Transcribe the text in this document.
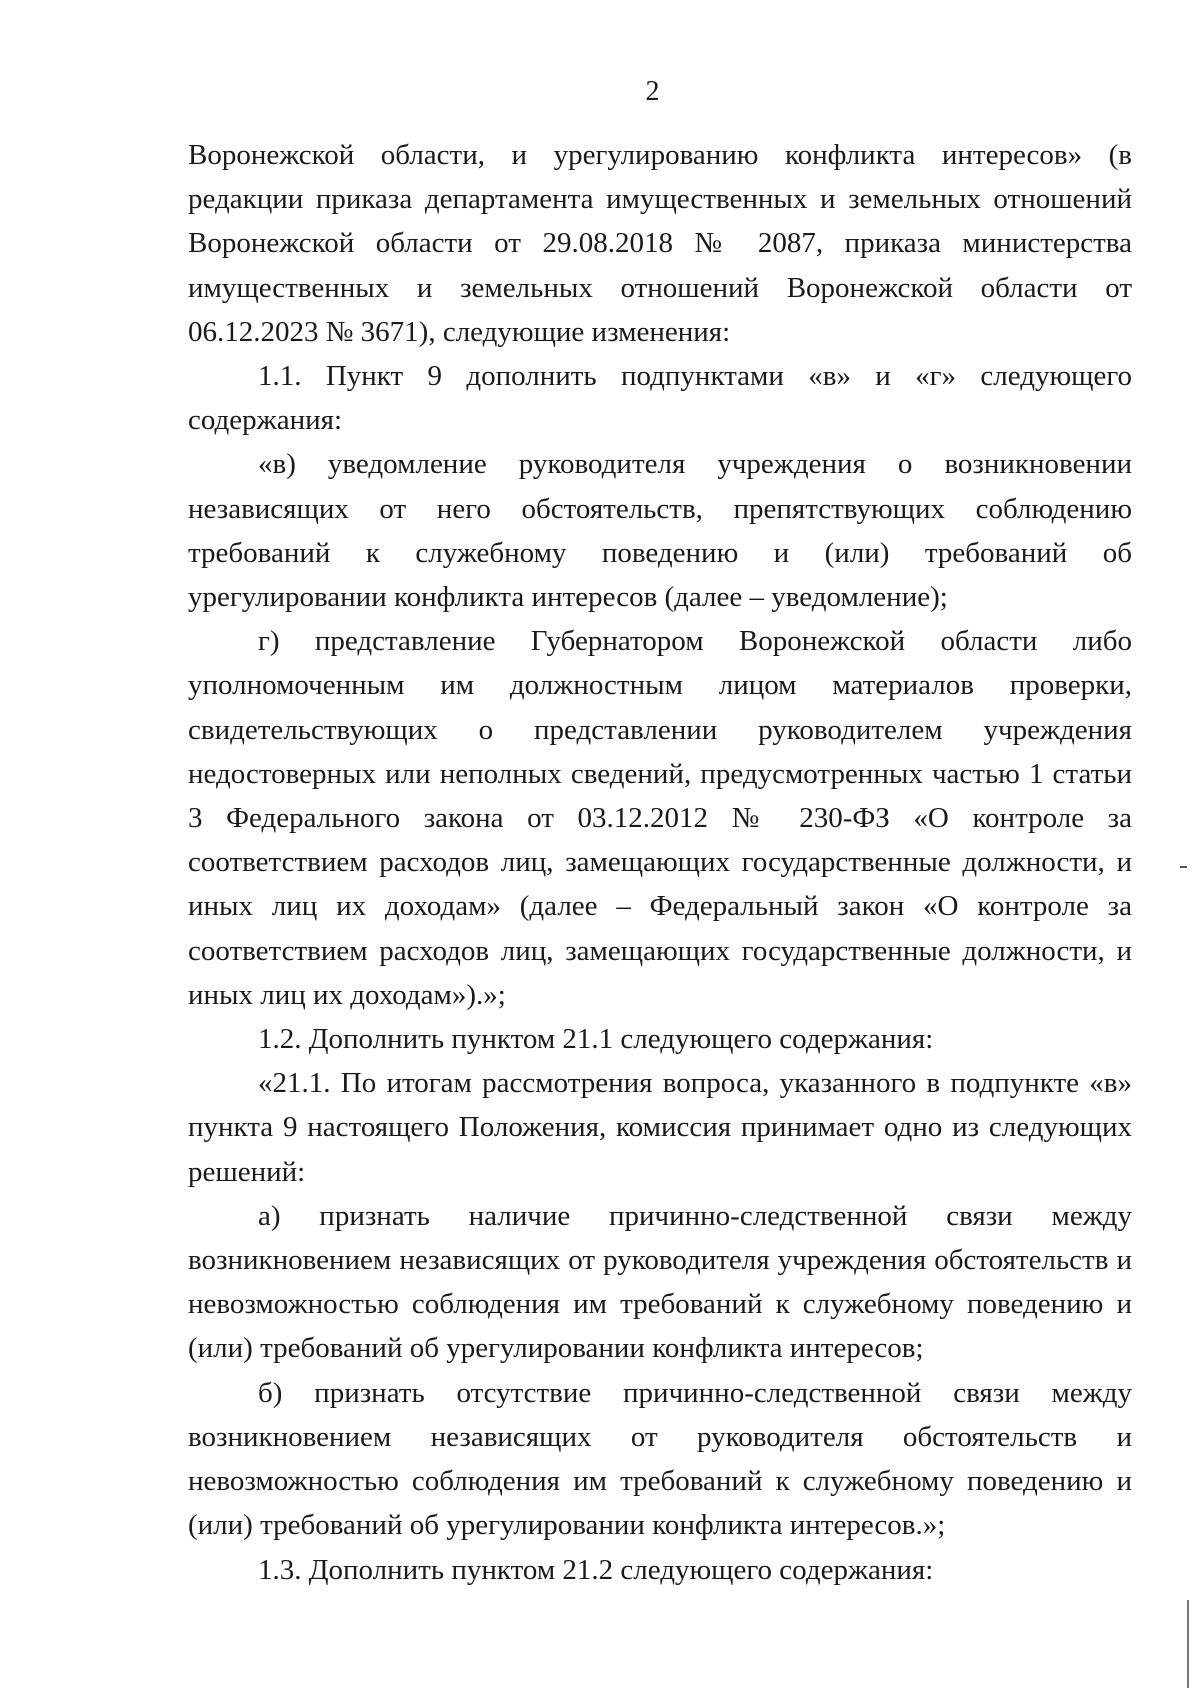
2

Воронежской области, и урегулированию конфликта интересов» (в редакции приказа департамента имущественных и земельных отношений Воронежской области от 29.08.2018 № 2087, приказа министерства имущественных и земельных отношений Воронежской области от 06.12.2023 № 3671), следующие изменения:

1.1. Пункт 9 дополнить подпунктами «в» и «г» следующего содержания:

«в) уведомление руководителя учреждения о возникновении независящих от него обстоятельств, препятствующих соблюдению требований к служебному поведению и (или) требований об урегулировании конфликта интересов (далее – уведомление);

г) представление Губернатором Воронежской области либо уполномоченным им должностным лицом материалов проверки, свидетельствующих о представлении руководителем учреждения недостоверных или неполных сведений, предусмотренных частью 1 статьи 3 Федерального закона от 03.12.2012 № 230-ФЗ «О контроле за соответствием расходов лиц, замещающих государственные должности, и иных лиц их доходам» (далее – Федеральный закон «О контроле за соответствием расходов лиц, замещающих государственные должности, и иных лиц их доходам»).»;

1.2. Дополнить пунктом 21.1 следующего содержания:

«21.1. По итогам рассмотрения вопроса, указанного в подпункте «в» пункта 9 настоящего Положения, комиссия принимает одно из следующих решений:

а) признать наличие причинно-следственной связи между возникновением независящих от руководителя учреждения обстоятельств и невозможностью соблюдения им требований к служебному поведению и (или) требований об урегулировании конфликта интересов;

б) признать отсутствие причинно-следственной связи между возникновением независящих от руководителя обстоятельств и невозможностью соблюдения им требований к служебному поведению и (или) требований об урегулировании конфликта интересов.»;

1.3. Дополнить пунктом 21.2 следующего содержания:
